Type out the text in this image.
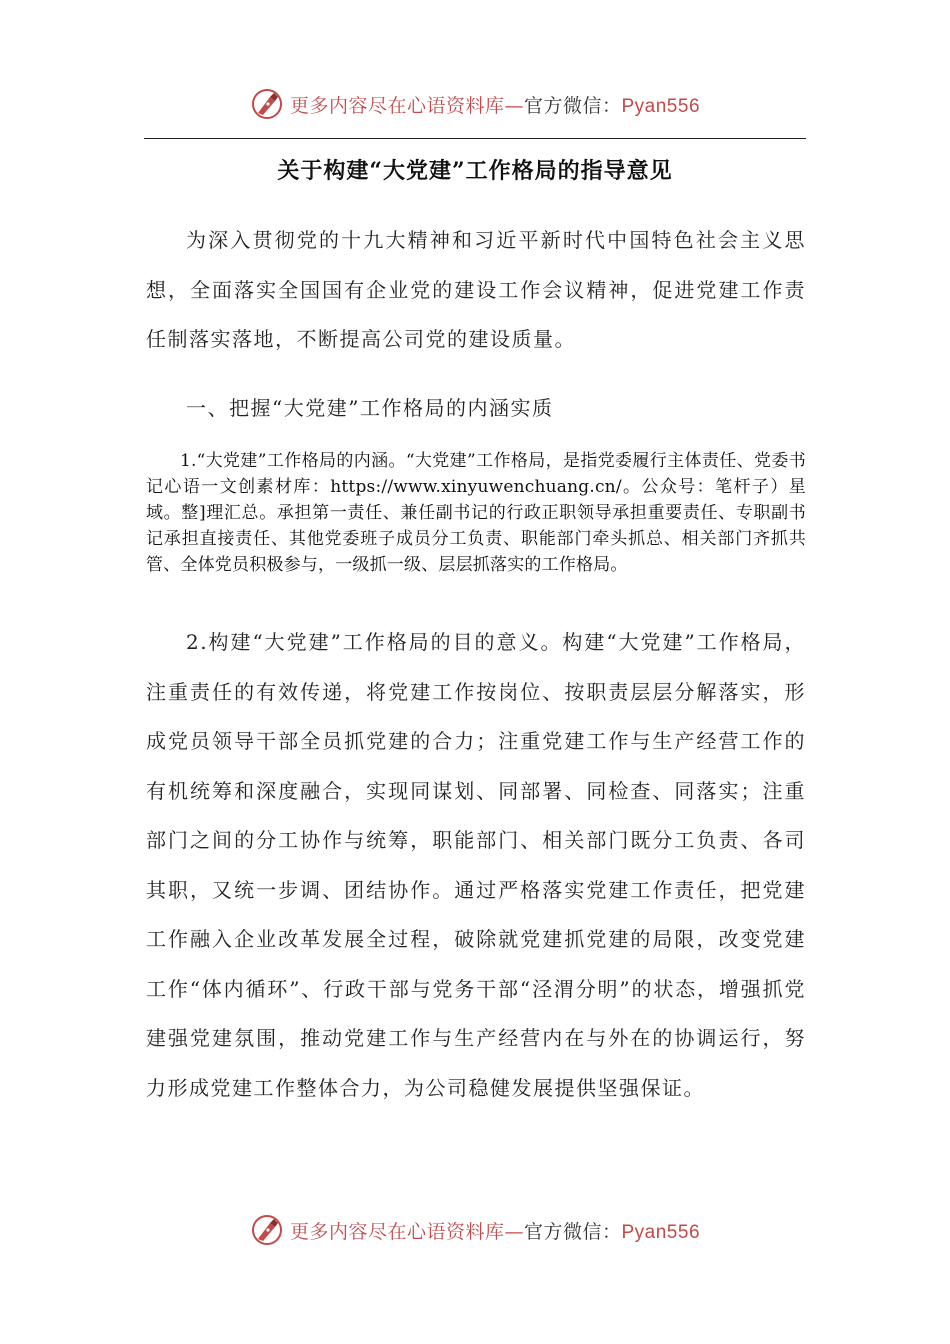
更多内容尽在心语资料库—官方微信：Pyan556
关于构建“大党建”工作格局的指导意见

为深入贯彻党的十九大精神和习近平新时代中国特色社会主义思想，全面落实全国国有企业党的建设工作会议精神，促进党建工作责任制落实落地，不断提高公司党的建设质量。

一、把握“大党建”工作格局的内涵实质

1.“大党建”工作格局的内涵。“大党建”工作格局，是指党委履行主体责任、党委书记心语一文创素材库：https://www.xinyuwenchuang.cn/。公众号：笔杆子）星域。整]理汇总。承担第一责任、兼任副书记的行政正职领导承担重要责任、专职副书记承担直接责任、其他党委班子成员分工负责、职能部门牵头抓总、相关部门齐抓共管、全体党员积极参与，一级抓一级、层层抓落实的工作格局。

2.构建“大党建”工作格局的目的意义。构建“大党建”工作格局，注重责任的有效传递，将党建工作按岗位、按职责层层分解落实，形成党员领导干部全员抓党建的合力；注重党建工作与生产经营工作的有机统筹和深度融合，实现同谋划、同部署、同检查、同落实；注重部门之间的分工协作与统筹，职能部门、相关部门既分工负责、各司其职，又统一步调、团结协作。通过严格落实党建工作责任，把党建工作融入企业改革发展全过程，破除就党建抓党建的局限，改变党建工作“体内循环”、行政干部与党务干部“泾渭分明”的状态，增强抓党建强党建氛围，推动党建工作与生产经营内在与外在的协调运行，努力形成党建工作整体合力，为公司稳健发展提供坚强保证。

更多内容尽在心语资料库—官方微信：Pyan556
